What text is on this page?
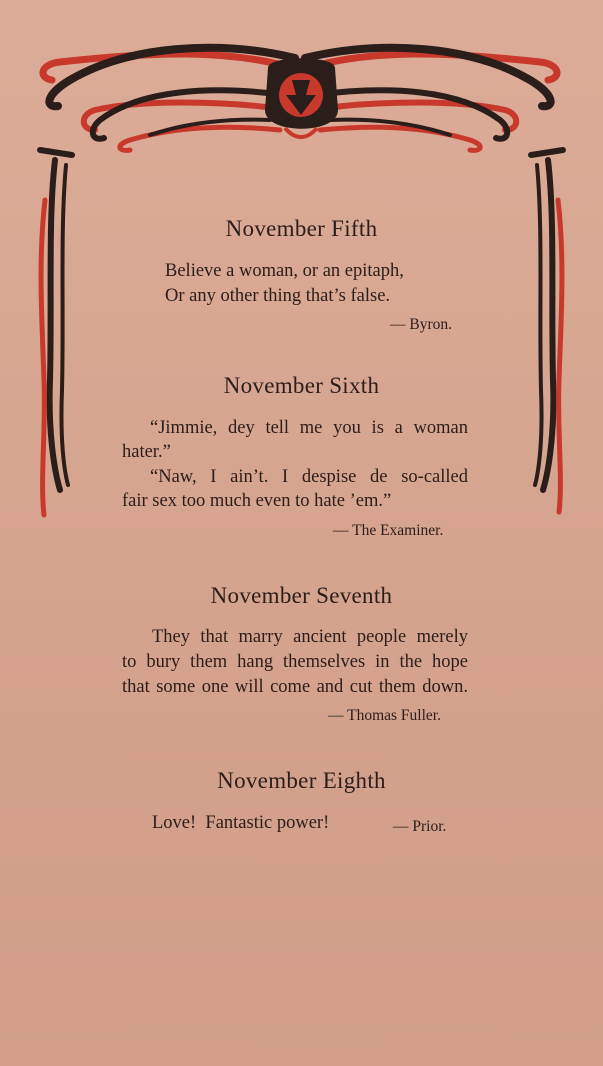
November Fifth
Believe a woman, or an epitaph,
Or any other thing that’s false.
— Byron.
November Sixth
“Jimmie, dey tell me you is a woman
hater.”
“Naw, I ain’t. I despise de so-called
fair sex too much even to hate ’em.”
— The Examiner.
November Seventh
They that marry ancient people merely
to bury them hang themselves in the hope
that some one will come and cut them down.
— Thomas Fuller.
November Eighth
Love!  Fantastic power!	— Prior.
